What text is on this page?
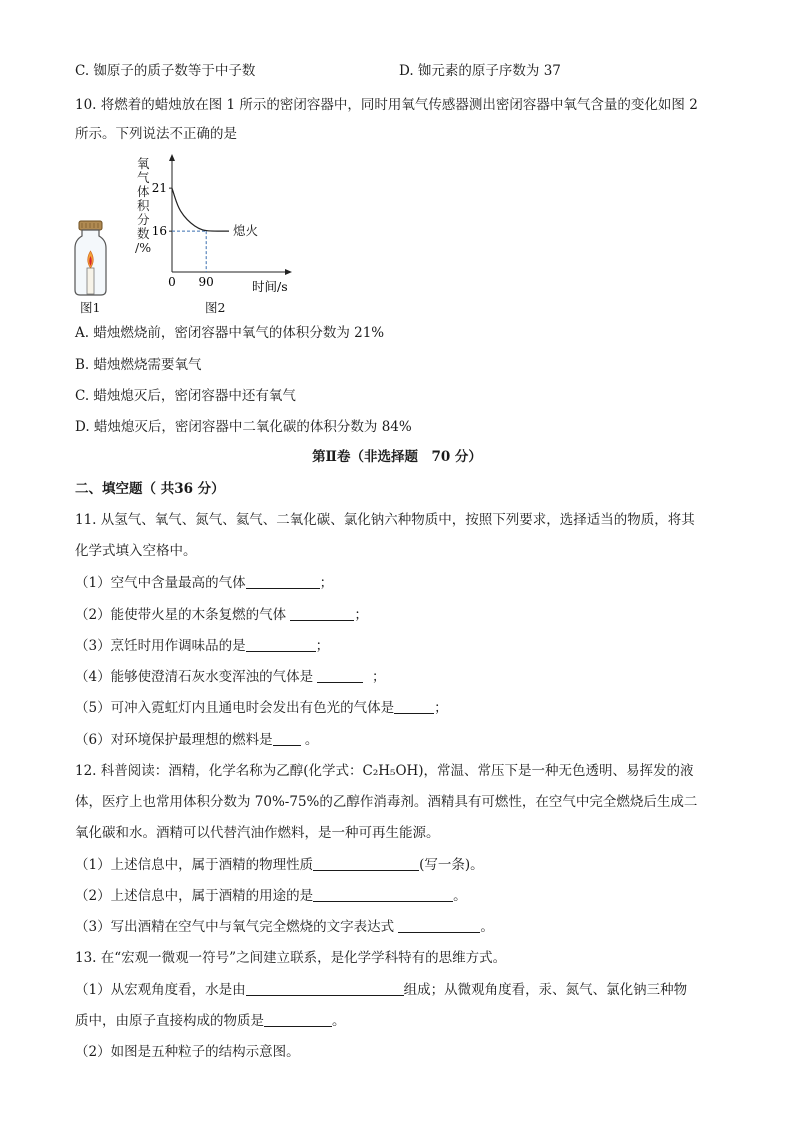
C. 铷原子的质子数等于中子数	D. 铷元素的原子序数为 37
10. 将燃着的蜡烛放在图 1 所示的密闭容器中，同时用氧气传感器测出密闭容器中氧气含量的变化如图 2
所示。下列说法不正确的是
图1
氧
气
体
积
分
数
/%
21
16
0 90	时间/s
熄火
图2
A. 蜡烛燃烧前，密闭容器中氧气的体积分数为 21%
B. 蜡烛燃烧需要氧气
C. 蜡烛熄灭后，密闭容器中还有氧气
D. 蜡烛熄灭后，密闭容器中二氧化碳的体积分数为 84%
第Ⅱ卷（非选择题　70 分）
二、填空题（ 共36 分）
11. 从氢气、氧气、氮气、氦气、二氧化碳、氯化钠六种物质中，按照下列要求，选择适当的物质，将其
化学式填入空格中。
（1）空气中含量最高的气体	；
（2）能使带火星的木条复燃的气体	；
（3）烹饪时用作调味品的是	；
（4）能够使澄清石灰水变浑浊的气体是	；
（5）可冲入霓虹灯内且通电时会发出有色光的气体是	；
（6）对环境保护最理想的燃料是 。
12. 科普阅读：酒精，化学名称为乙醇(化学式：C₂H₅OH)，常温、常压下是一种无色透明、易挥发的液
体，医疗上也常用体积分数为 70%-75%的乙醇作消毒剂。酒精具有可燃性，在空气中完全燃烧后生成二
氧化碳和水。酒精可以代替汽油作燃料，是一种可再生能源。
（1）上述信息中，属于酒精的物理性质	(写一条)。
（2）上述信息中，属于酒精的用途的是	。
（3）写出酒精在空气中与氧气完全燃烧的文字表达式	。
13. 在“宏观一微观一符号”之间建立联系，是化学学科特有的思维方式。
（1）从宏观角度看，水是由	组成；从微观角度看，汞、氮气、氯化钠三种物
质中，由原子直接构成的物质是	。
（2）如图是五种粒子的结构示意图。
